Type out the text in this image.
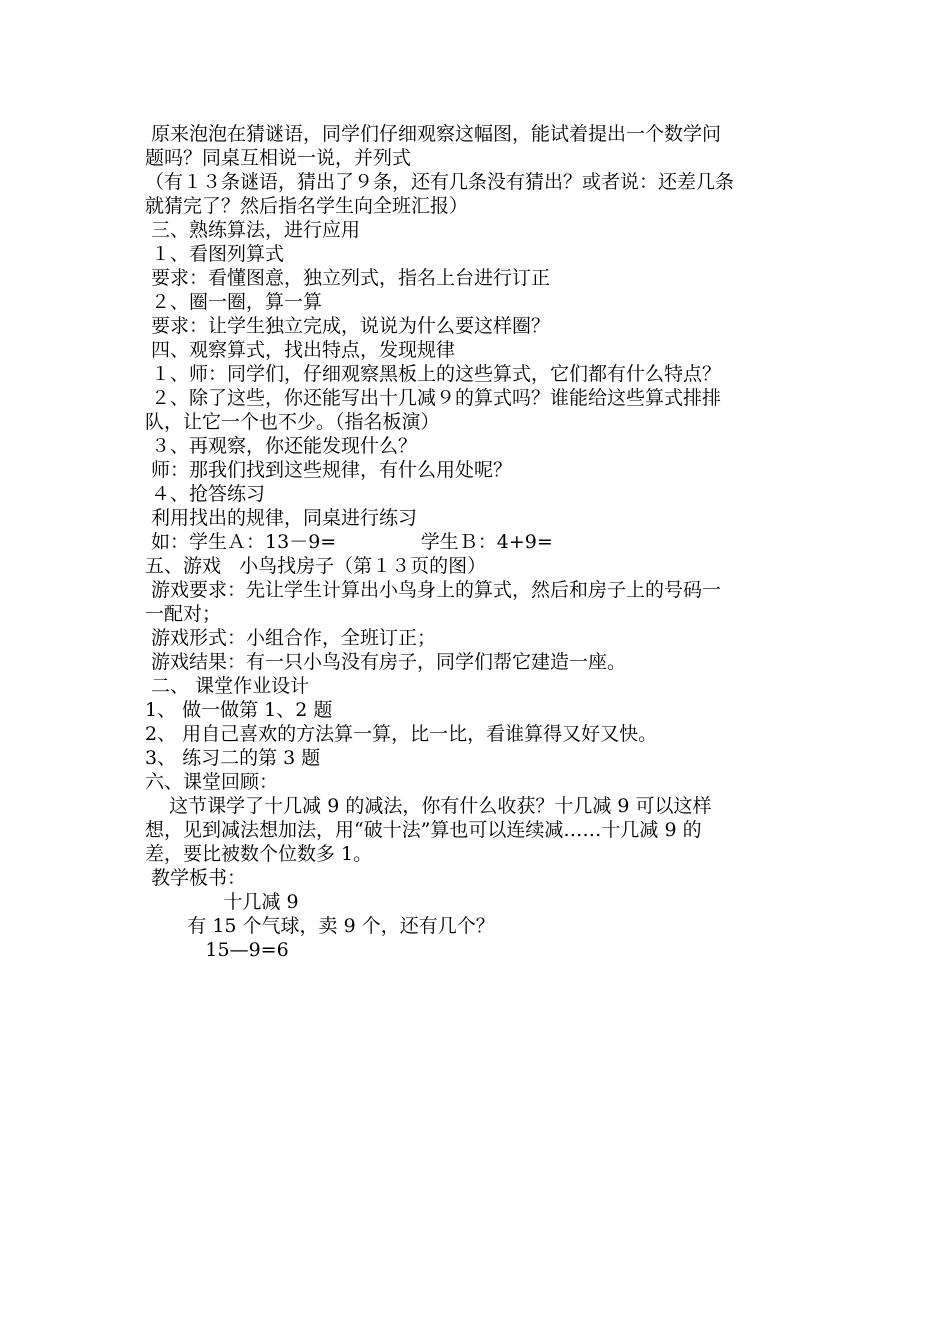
原来泡泡在猜谜语，同学们仔细观察这幅图，能试着提出一个数学问
题吗？同桌互相说一说，并列式
（有１３条谜语，猜出了９条，还有几条没有猜出？或者说：还差几条
就猜完了？然后指名学生向全班汇报）
三、熟练算法，进行应用
１、看图列算式
要求：看懂图意，独立列式，指名上台进行订正
２、圈一圈，算一算
要求：让学生独立完成，说说为什么要这样圈？
四、观察算式，找出特点，发现规律
１、师：同学们，仔细观察黑板上的这些算式，它们都有什么特点？
２、除了这些，你还能写出十几减９的算式吗？谁能给这些算式排排
队，让它一个也不少。（指名板演）
３、再观察，你还能发现什么？
师：那我们找到这些规律，有什么用处呢？
４、抢答练习
利用找出的规律，同桌进行练习
如：学生Ａ：13－9=              学生Ｂ：4+9=
五、游戏   小鸟找房子（第１３页的图）
游戏要求：先让学生计算出小鸟身上的算式，然后和房子上的号码一
一配对；
游戏形式：小组合作，全班订正；
游戏结果：有一只小鸟没有房子，同学们帮它建造一座。
二、 课堂作业设计
1、 做一做第 1、2 题
2、 用自己喜欢的方法算一算，比一比，看谁算得又好又快。
3、 练习二的第 3 题
六、课堂回顾：
这节课学了十几减 9 的减法，你有什么收获？十几减 9 可以这样
想，见到减法想加法，用“破十法”算也可以连续减……十几减 9 的
差，要比被数个位数多 1。
教学板书：
十几减 9
有 15 个气球，卖 9 个，还有几个？
15—9=6
